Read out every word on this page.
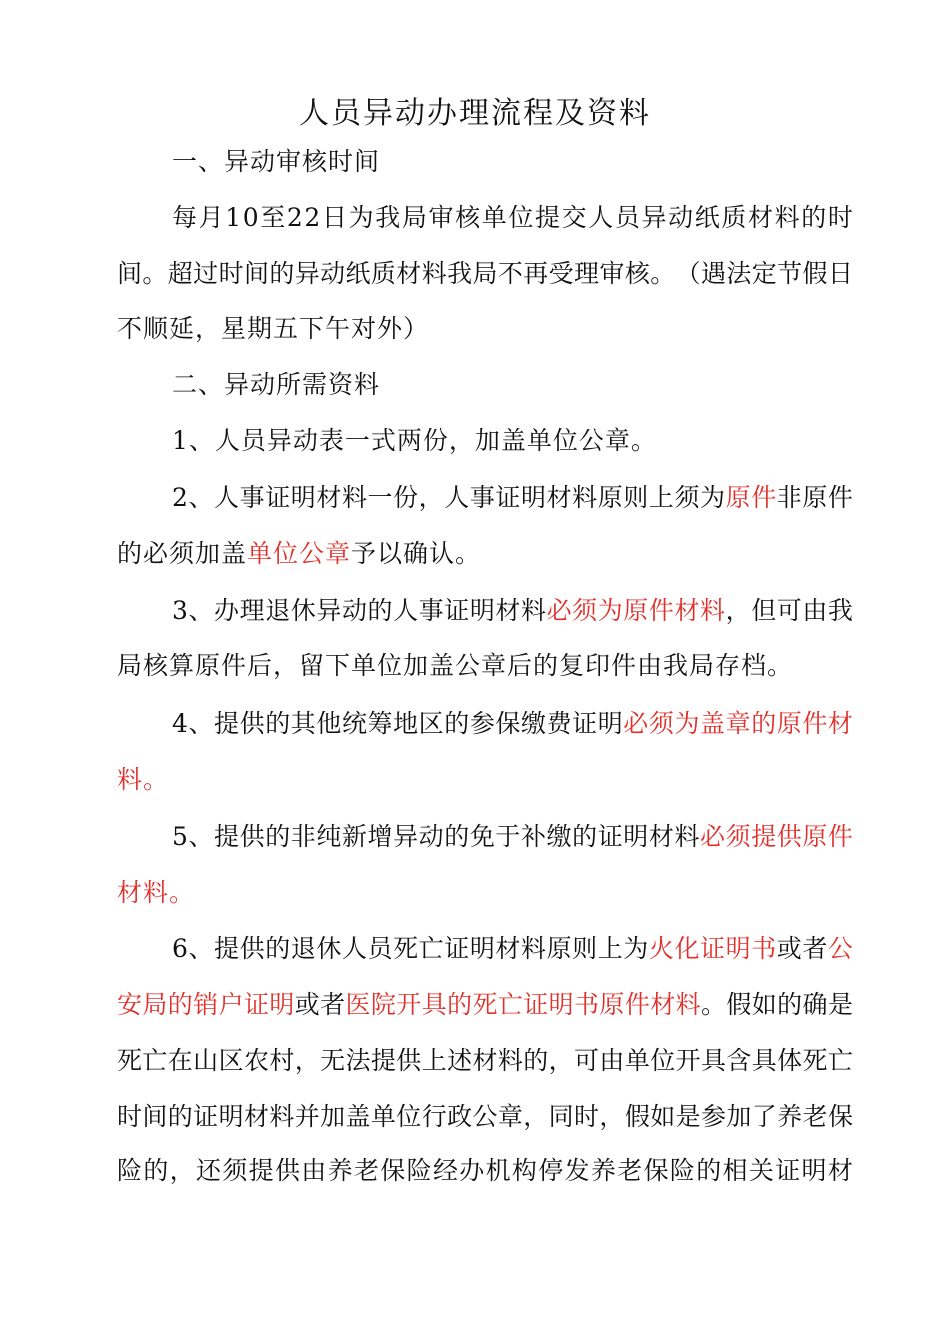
人员异动办理流程及资料
一、异动审核时间
每 月 1 0 至 2 2 日 为 我 局 审 核 单 位 提 交 人 员 异 动 纸 质 材 料 的 时
间 。 超 过 时 间 的 异 动 纸 质 材 料 我 局 不 再 受 理 审 核 。 （ 遇 法 定 节 假 日
不顺延，星期五下午对外）
二、异动所需资料
1、人员异动表一式两份，加盖单位公章。
2 、 人 事 证 明 材 料 一 份 ， 人 事 证 明 材 料 原 则 上 须 为 原 件 非 原 件
的必须加盖 单位公章 予以确认。
3 、 办 理 退 休 异 动 的 人 事 证 明 材 料 必 须 为 原 件 材 料 ， 但 可 由 我
局核算原件后，留下单位加盖公章后的复印件由我局存档。
4 、 提 供 的 其 他 统 筹 地 区 的 参 保 缴 费 证 明 必 须 为 盖 章 的 原 件 材
料。
5 、 提 供 的 非 纯 新 增 异 动 的 免 于 补 缴 的 证 明 材 料 必 须 提 供 原 件
材料。
6 、 提 供 的 退 休 人 员 死 亡 证 明 材 料 原 则 上 为 火 化 证 明 书 或 者 公
安 局 的 销 户 证 明 或 者 医 院 开 具 的 死 亡 证 明 书 原 件 材 料 。 假 如 的 确 是
死 亡 在 山 区 农 村 ， 无 法 提 供 上 述 材 料 的 ， 可 由 单 位 开 具 含 具 体 死 亡
时 间 的 证 明 材 料 并 加 盖 单 位 行 政 公 章 ， 同 时 ， 假 如 是 参 加 了 养 老 保
险 的 ， 还 须 提 供 由 养 老 保 险 经 办 机 构 停 发 养 老 保 险 的 相 关 证 明 材
